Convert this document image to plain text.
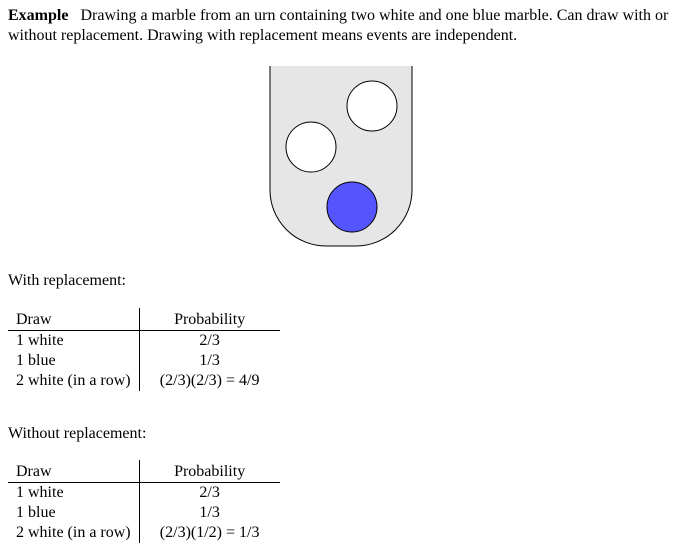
Example Drawing a marble from an urn containing two white and one blue marble. Can draw with or without replacement. Drawing with replacement means events are independent.
With replacement:
Draw	Probability
1 white	2/3
1 blue	1/3
2 white (in a row)	(2/3)(2/3) = 4/9
Without replacement:
Draw	Probability
1 white	2/3
1 blue	1/3
2 white (in a row)	(2/3)(1/2) = 1/3
